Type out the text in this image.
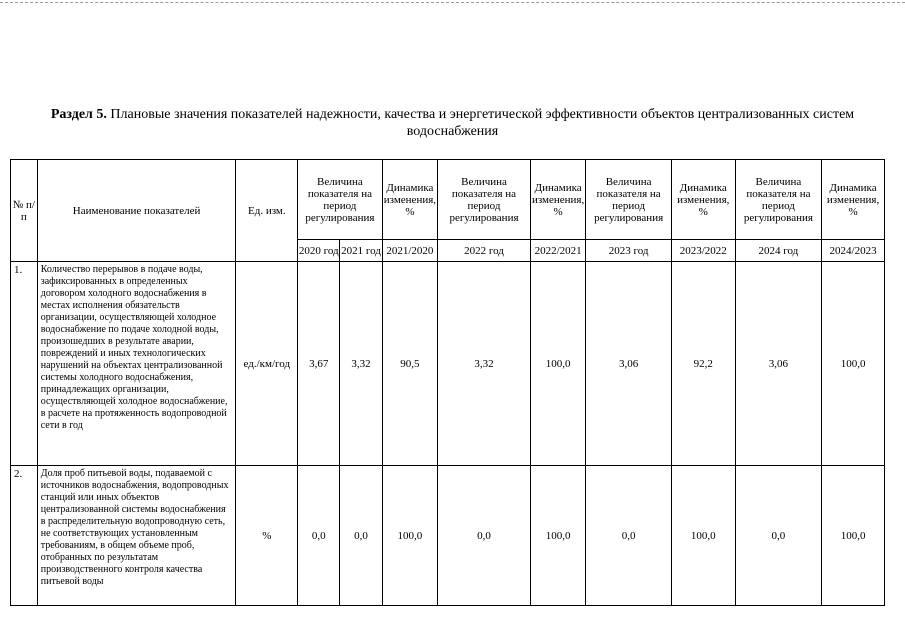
Раздел 5. Плановые значения показателей надежности, качества и энергетической эффективности объектов централизованных систем водоснабжения
№ п/п	Наименование показателей	Ед. изм.	Величина показателя на период регулирования		Динамика изменения, %	Величина показателя на период регулирования	Динамика изменения, %	Величина показателя на период регулирования	Динамика изменения, %	Величина показателя на период регулирования	Динамика изменения, %
			2020 год	2021 год	2021/2020	2022 год	2022/2021	2023 год	2023/2022	2024 год	2024/2023
1.	Количество перерывов в подаче воды, зафиксированных в определенных договором холодного водоснабжения в местах исполнения обязательств организации, осуществляющей холодное водоснабжение по подаче холодной воды, произошедших в результате аварии, повреждений и иных технологических нарушений на объектах централизованной системы холодного водоснабжения, принадлежащих организации, осуществляющей холодное водоснабжение, в расчете на протяженность водопроводной сети в год	ед./км/год	3,67	3,32	90,5	3,32	100,0	3,06	92,2	3,06	100,0
2.	Доля проб питьевой воды, подаваемой с источников водоснабжения, водопроводных станций или иных объектов централизованной системы водоснабжения в распределительную водопроводную сеть, не соответствующих установленным требованиям, в общем объеме проб, отобранных по результатам производственного контроля качества питьевой воды	%	0,0	0,0	100,0	0,0	100,0	0,0	100,0	0,0	100,0
